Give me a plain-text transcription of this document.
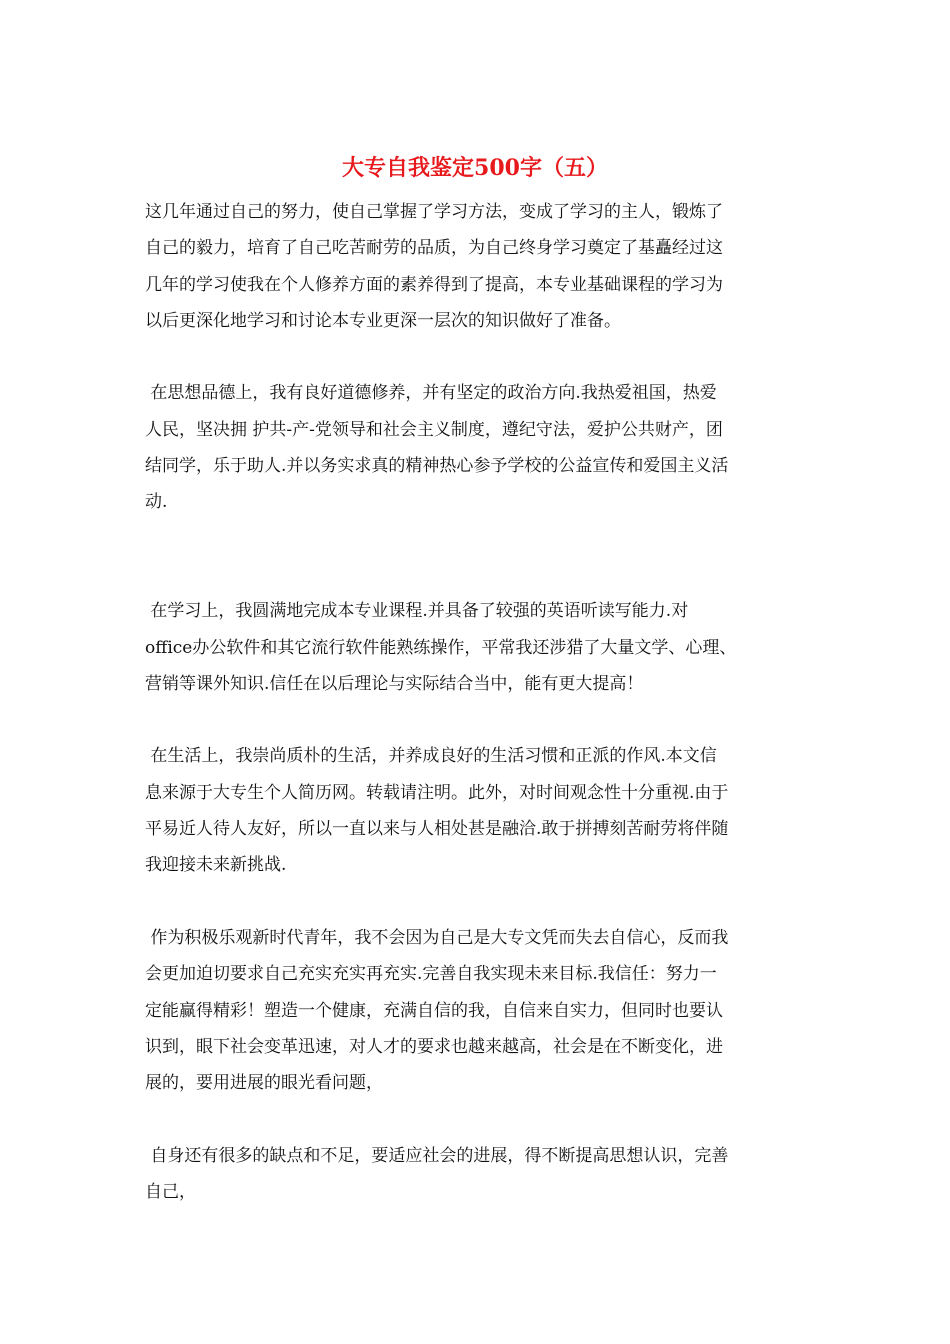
大专自我鉴定500字（五）

这几年通过自己的努力，使自己掌握了学习方法，变成了学习的主人，锻炼了
自己的毅力，培育了自己吃苦耐劳的品质，为自己终身学习奠定了基矗经过这
几年的学习使我在个人修养方面的素养得到了提高，本专业基础课程的学习为
以后更深化地学习和讨论本专业更深一层次的知识做好了准备。

在思想品德上，我有良好道德修养，并有坚定的政治方向.我热爱祖国，热爱
人民，坚决拥 护共-产-党领导和社会主义制度，遵纪守法，爱护公共财产，团
结同学，乐于助人.并以务实求真的精神热心参予学校的公益宣传和爱国主义活
动.

在学习上，我圆满地完成本专业课程.并具备了较强的英语听读写能力.对
office办公软件和其它流行软件能熟练操作，平常我还涉猎了大量文学、心理、
营销等课外知识.信任在以后理论与实际结合当中，能有更大提高！

在生活上，我崇尚质朴的生活，并养成良好的生活习惯和正派的作风.本文信
息来源于大专生个人简历网。转载请注明。此外，对时间观念性十分重视.由于
平易近人待人友好，所以一直以来与人相处甚是融洽.敢于拼搏刻苦耐劳将伴随
我迎接未来新挑战.

作为积极乐观新时代青年，我不会因为自己是大专文凭而失去自信心，反而我
会更加迫切要求自己充实充实再充实.完善自我实现未来目标.我信任：努力一
定能赢得精彩！塑造一个健康，充满自信的我，自信来自实力，但同时也要认
识到，眼下社会变革迅速，对人才的要求也越来越高，社会是在不断变化，进
展的，要用进展的眼光看问题，

自身还有很多的缺点和不足，要适应社会的进展，得不断提高思想认识，完善
自己，
